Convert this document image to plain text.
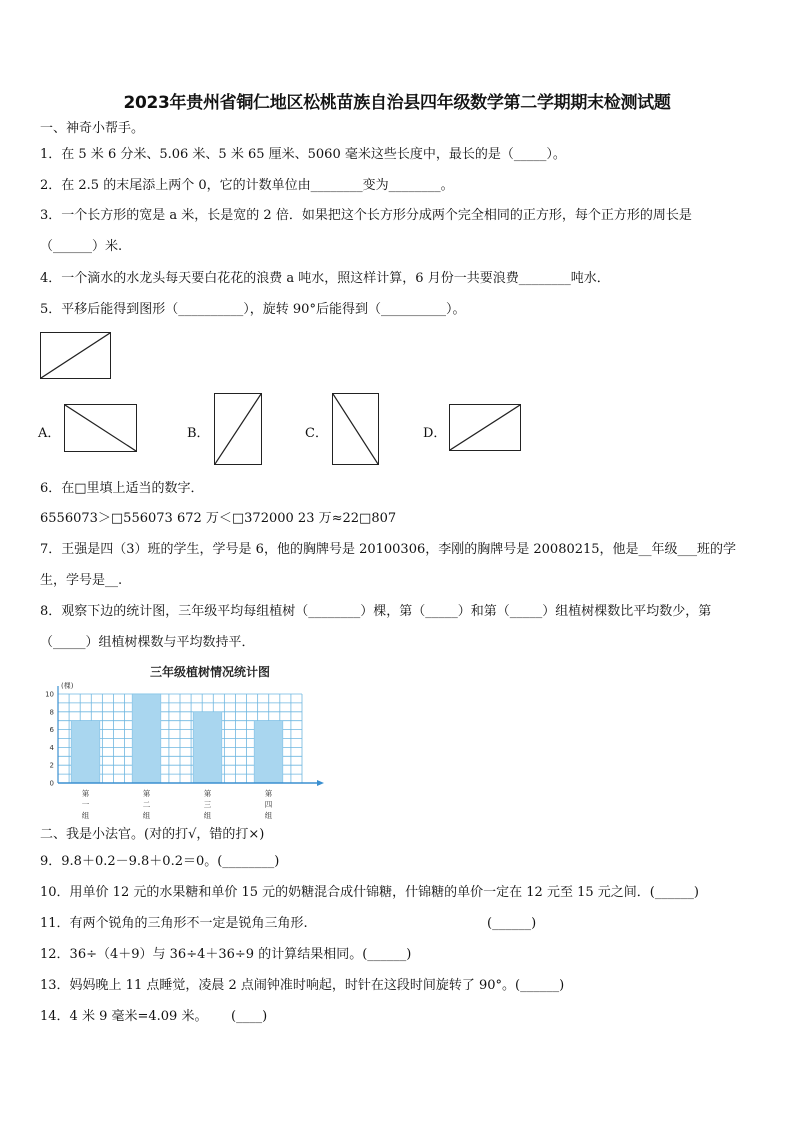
2023年贵州省铜仁地区松桃苗族自治县四年级数学第二学期期末检测试题
一、神奇小帮手。
1．在 5 米 6 分米、5.06 米、5 米 65 厘米、5060 毫米这些长度中，最长的是（_____）。
2．在 2.5 的末尾添上两个 0，它的计数单位由________变为________。
3．一个长方形的宽是 a 米，长是宽的 2 倍．如果把这个长方形分成两个完全相同的正方形，每个正方形的周长是
（______）米.
4．一个滴水的水龙头每天要白花花的浪费 a 吨水，照这样计算，6 月份一共要浪费________吨水．
5．平移后能得到图形（__________），旋转 90°后能得到（__________）。
A．	B．	C．	D．
6．在□里填上适当的数字．
6556073＞□556073 672 万＜□372000 23 万≈22□807
7．王强是四（3）班的学生，学号是 6，他的胸牌号是 20100306，李刚的胸牌号是 20080215，他是__年级___班的学
生，学号是__.
8．观察下边的统计图，三年级平均每组植树（________）棵，第（_____）和第（_____）组植树棵数比平均数少，第
（_____）组植树棵数与平均数持平．
三年级植树情况统计图
(棵)
第
一
组
第
二
组
第
三
组
第
四
组
0
2
4
6
8
10
二、我是小法官。(对的打√，错的打×)
9．9.8＋0.2－9.8＋0.2＝0。(________)
10．用单价 12 元的水果糖和单价 15 元的奶糖混合成什锦糖，什锦糖的单价一定在 12 元至 15 元之间．(______)
11．有两个锐角的三角形不一定是锐角三角形.	(______)
12．36÷（4＋9）与 36÷4＋36÷9 的计算结果相同。(______)
13．妈妈晚上 11 点睡觉，凌晨 2 点闹钟准时响起，时针在这段时间旋转了 90°。(______)
14．4 米 9 毫米=4.09 米。 (____)
